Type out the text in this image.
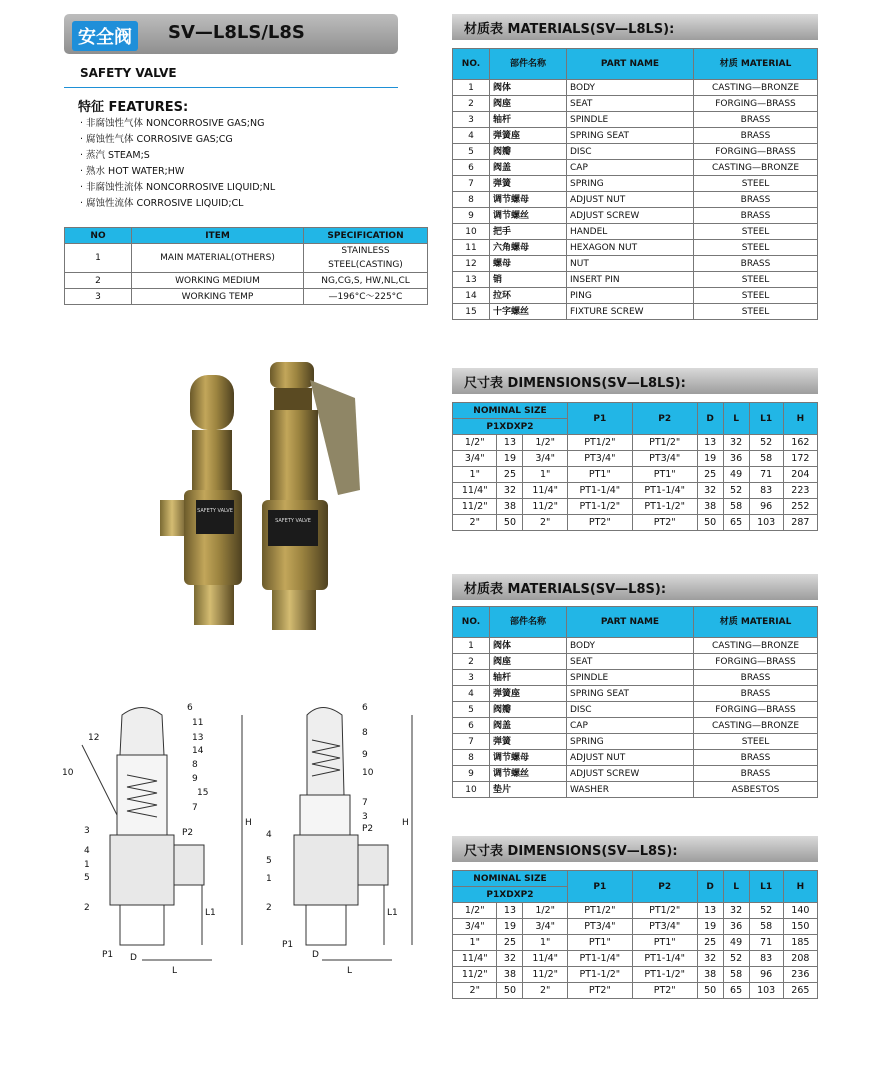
安全阀	SV—L8LS/L8S
SAFETY VALVE
特征 FEATURES:
· 非腐蚀性气体 NONCORROSIVE GAS;NG
· 腐蚀性气体 CORROSIVE GAS;CG
· 蒸汽 STEAM;S
· 熟水 HOT WATER;HW
· 非腐蚀性流体 NONCORROSIVE LIQUID;NL
· 腐蚀性流体 CORROSIVE LIQUID;CL
NO	ITEM	SPECIFICATION
1	MAIN MATERIAL(OTHERS)	STAINLESS STEEL(CASTING)
2	WORKING MEDIUM	NG,CG,S, HW,NL,CL
3	WORKING TEMP	—196°C～225°C
SAFETY VALVE
SAFETY VALVE
6
11
12	13
14
8
9
15
7
10
3
4
1
5
2
P2
P1 D
L
L1
H
6
8
9
10
7
3
4
5
1
2
P2
P1
D
L
L1
H
材质表 MATERIALS(SV—L8LS):
NO.	部件名称	PART NAME	材质 MATERIAL
1	阀体	BODY	CASTING—BRONZE
2	阀座	SEAT	FORGING—BRASS
3	轴杆	SPINDLE	BRASS
4	弹簧座	SPRING SEAT	BRASS
5	阀瓣	DISC	FORGING—BRASS
6	阀盖	CAP	CASTING—BRONZE
7	弹簧	SPRING	STEEL
8	调节螺母	ADJUST NUT	BRASS
9	调节螺丝	ADJUST SCREW	BRASS
10	把手	HANDEL	STEEL
11	六角螺母	HEXAGON NUT	STEEL
12	螺母	NUT	BRASS
13	销	INSERT PIN	STEEL
14	拉环	PING	STEEL
15	十字螺丝	FIXTURE SCREW	STEEL
尺寸表 DIMENSIONS(SV—L8LS):
NOMINAL SIZE			P1	P2	D	L	L1	H
P1XDXP2								
1/2"	13	1/2"	PT1/2"	PT1/2"	13	32	52	162
3/4"	19	3/4"	PT3/4"	PT3/4"	19	36	58	172
1"	25	1"	PT1"	PT1"	25	49	71	204
11/4"	32	11/4"	PT1-1/4"	PT1-1/4"	32	52	83	223
11/2"	38	11/2"	PT1-1/2"	PT1-1/2"	38	58	96	252
2"	50	2"	PT2"	PT2"	50	65	103	287
材质表 MATERIALS(SV—L8S):
NO.	部件名称	PART NAME	材质 MATERIAL
1	阀体	BODY	CASTING—BRONZE
2	阀座	SEAT	FORGING—BRASS
3	轴杆	SPINDLE	BRASS
4	弹簧座	SPRING SEAT	BRASS
5	阀瓣	DISC	FORGING—BRASS
6	阀盖	CAP	CASTING—BRONZE
7	弹簧	SPRING	STEEL
8	调节螺母	ADJUST NUT	BRASS
9	调节螺丝	ADJUST SCREW	BRASS
10	垫片	WASHER	ASBESTOS
尺寸表 DIMENSIONS(SV—L8S):
NOMINAL SIZE			P1	P2	D	L	L1	H
P1XDXP2								
1/2"	13	1/2"	PT1/2"	PT1/2"	13	32	52	140
3/4"	19	3/4"	PT3/4"	PT3/4"	19	36	58	150
1"	25	1"	PT1"	PT1"	25	49	71	185
11/4"	32	11/4"	PT1-1/4"	PT1-1/4"	32	52	83	208
11/2"	38	11/2"	PT1-1/2"	PT1-1/2"	38	58	96	236
2"	50	2"	PT2"	PT2"	50	65	103	265
